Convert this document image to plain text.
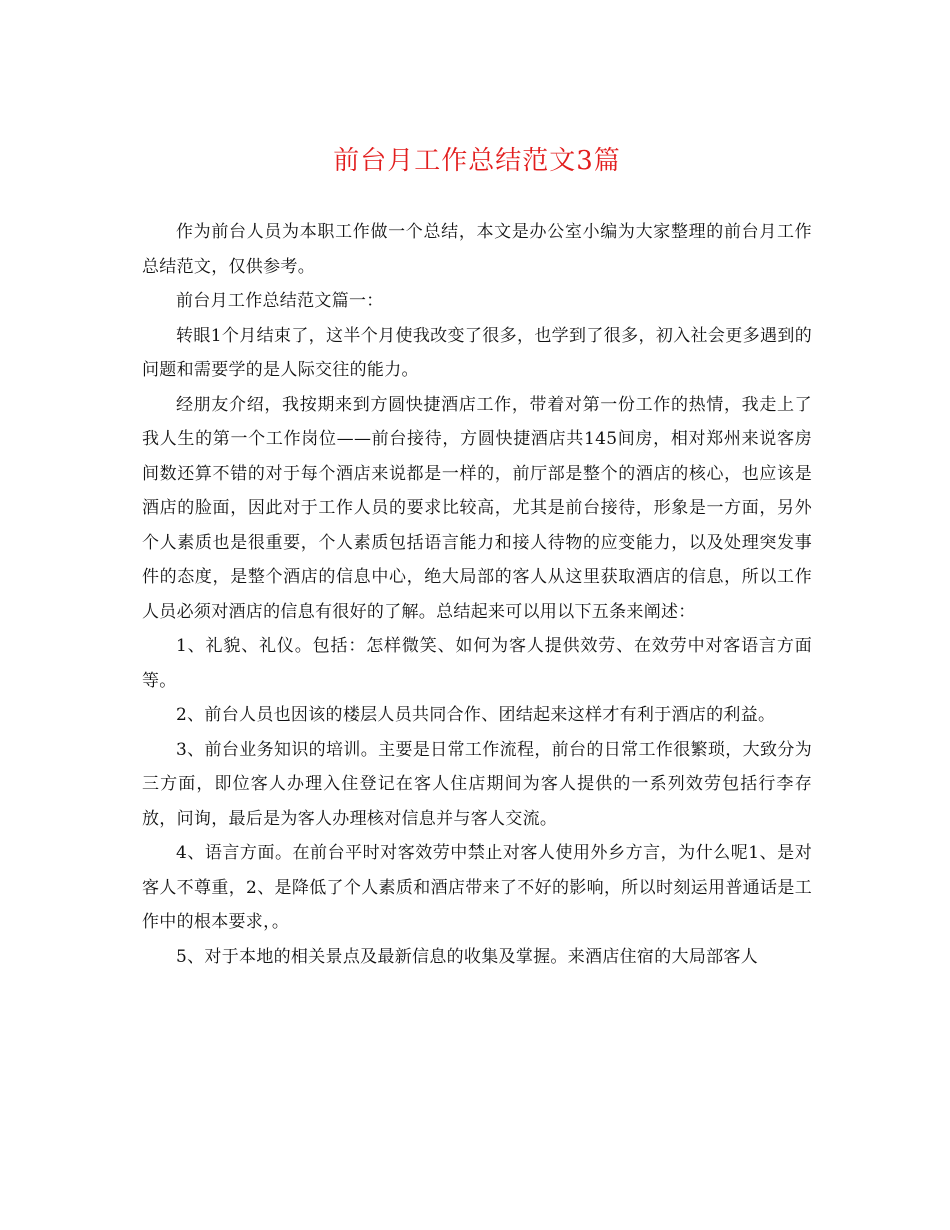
前台月工作总结范文3篇

作为前台人员为本职工作做一个总结，本文是办公室小编为大家整理的前台月工作总结范文，仅供参考。

前台月工作总结范文篇一：

转眼1个月结束了，这半个月使我改变了很多，也学到了很多，初入社会更多遇到的问题和需要学的是人际交往的能力。

经朋友介绍，我按期来到方圆快捷酒店工作，带着对第一份工作的热情，我走上了我人生的第一个工作岗位——前台接待，方圆快捷酒店共145间房，相对郑州来说客房间数还算不错的对于每个酒店来说都是一样的，前厅部是整个的酒店的核心，也应该是酒店的脸面，因此对于工作人员的要求比较高，尤其是前台接待，形象是一方面，另外个人素质也是很重要，个人素质包括语言能力和接人待物的应变能力，以及处理突发事件的态度，是整个酒店的信息中心，绝大局部的客人从这里获取酒店的信息，所以工作人员必须对酒店的信息有很好的了解。总结起来可以用以下五条来阐述：

1、礼貌、礼仪。包括：怎样微笑、如何为客人提供效劳、在效劳中对客语言方面等。

2、前台人员也因该的楼层人员共同合作、团结起来这样才有利于酒店的利益。

3、前台业务知识的培训。主要是日常工作流程，前台的日常工作很繁琐，大致分为三方面，即位客人办理入住登记在客人住店期间为客人提供的一系列效劳包括行李存放，问询，最后是为客人办理核对信息并与客人交流。

4、语言方面。在前台平时对客效劳中禁止对客人使用外乡方言，为什么呢1、是对客人不尊重，2、是降低了个人素质和酒店带来了不好的影响，所以时刻运用普通话是工作中的根本要求，。

5、对于本地的相关景点及最新信息的收集及掌握。来酒店住宿的大局部客人
